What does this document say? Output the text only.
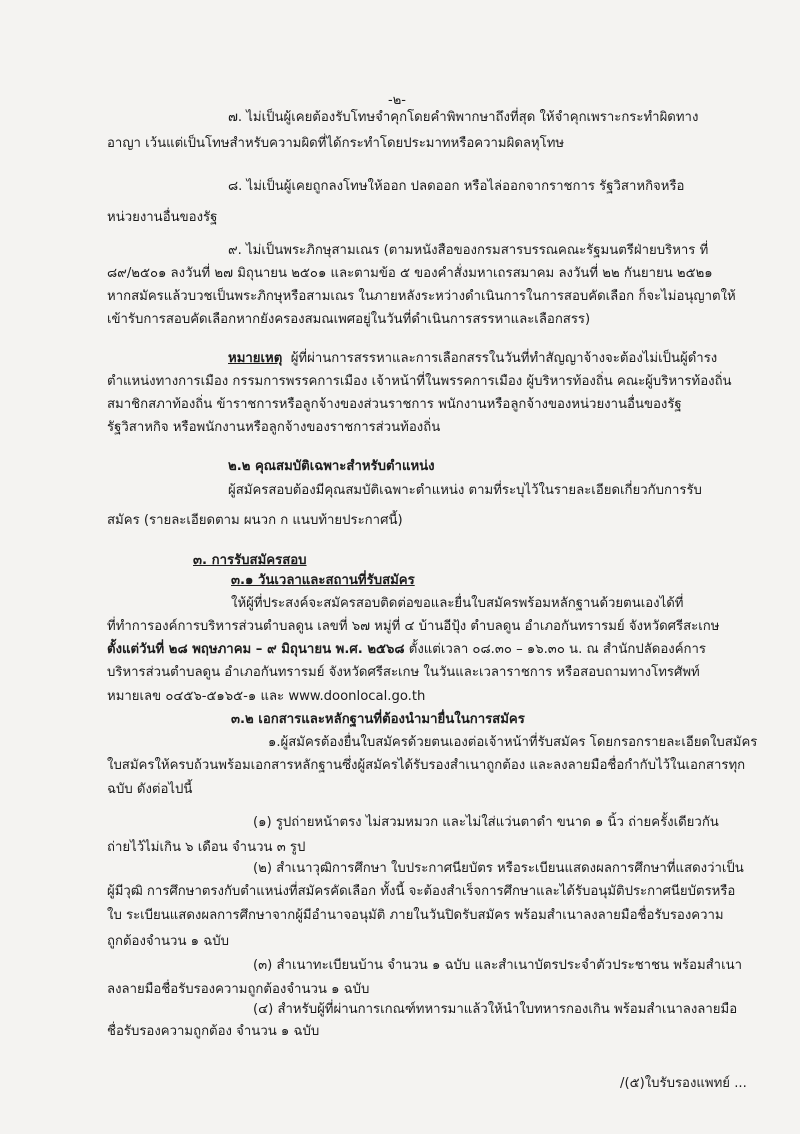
-๒-
๗. ไม่เป็นผู้เคยต้องรับโทษจำคุกโดยคำพิพากษาถึงที่สุด ให้จำคุกเพราะกระทำผิดทาง
อาญา เว้นแต่เป็นโทษสำหรับความผิดที่ได้กระทำโดยประมาทหรือความผิดลหุโทษ
๘. ไม่เป็นผู้เคยถูกลงโทษให้ออก ปลดออก หรือไล่ออกจากราชการ รัฐวิสาหกิจหรือ
หน่วยงานอื่นของรัฐ
๙. ไม่เป็นพระภิกษุสามเณร (ตามหนังสือของกรมสารบรรณคณะรัฐมนตรีฝ่ายบริหาร ที่
๘๙/๒๕๐๑ ลงวันที่ ๒๗ มิถุนายน ๒๕๐๑ และตามข้อ ๕ ของคำสั่งมหาเถรสมาคม ลงวันที่ ๒๒ กันยายน ๒๕๒๑
หากสมัครแล้วบวชเป็นพระภิกษุหรือสามเณร ในภายหลังระหว่างดำเนินการในการสอบคัดเลือก ก็จะไม่อนุญาตให้
เข้ารับการสอบคัดเลือกหากยังครองสมณเพศอยู่ในวันที่ดำเนินการสรรหาและเลือกสรร)
หมายเหตุ ผู้ที่ผ่านการสรรหาและการเลือกสรรในวันที่ทำสัญญาจ้างจะต้องไม่เป็นผู้ดำรง
ตำแหน่งทางการเมือง กรรมการพรรคการเมือง เจ้าหน้าที่ในพรรคการเมือง ผู้บริหารท้องถิ่น คณะผู้บริหารท้องถิ่น
สมาชิกสภาท้องถิ่น ข้าราชการหรือลูกจ้างของส่วนราชการ พนักงานหรือลูกจ้างของหน่วยงานอื่นของรัฐ
รัฐวิสาหกิจ หรือพนักงานหรือลูกจ้างของราชการส่วนท้องถิ่น
๒.๒ คุณสมบัติเฉพาะสำหรับตำแหน่ง
ผู้สมัครสอบต้องมีคุณสมบัติเฉพาะตำแหน่ง ตามที่ระบุไว้ในรายละเอียดเกี่ยวกับการรับ
สมัคร (รายละเอียดตาม ผนวก ก แนบท้ายประกาศนี้)
๓. การรับสมัครสอบ
๓.๑ วันเวลาและสถานที่รับสมัคร
ให้ผู้ที่ประสงค์จะสมัครสอบติดต่อขอและยื่นใบสมัครพร้อมหลักฐานด้วยตนเองได้ที่
ที่ทำการองค์การบริหารส่วนตำบลดูน เลขที่ ๖๗ หมู่ที่ ๔ บ้านอีปุ้ง ตำบลดูน อำเภอกันทรารมย์ จังหวัดศรีสะเกษ
ตั้งแต่วันที่ ๒๘ พฤษภาคม – ๙ มิถุนายน พ.ศ. ๒๕๖๘ ตั้งแต่เวลา ๐๘.๓๐ – ๑๖.๓๐ น. ณ สำนักปลัดองค์การ
บริหารส่วนตำบลดูน อำเภอกันทรารมย์ จังหวัดศรีสะเกษ ในวันและเวลาราชการ หรือสอบถามทางโทรศัพท์
หมายเลข ๐๔๕๖-๕๑๖๕-๑ และ www.doonlocal.go.th
๓.๒ เอกสารและหลักฐานที่ต้องนำมายื่นในการสมัคร
๑.ผู้สมัครต้องยื่นใบสมัครด้วยตนเองต่อเจ้าหน้าที่รับสมัคร โดยกรอกรายละเอียดใบสมัคร
ใบสมัครให้ครบถ้วนพร้อมเอกสารหลักฐานซึ่งผู้สมัครได้รับรองสำเนาถูกต้อง และลงลายมือชื่อกำกับไว้ในเอกสารทุก
ฉบับ ดังต่อไปนี้
(๑) รูปถ่ายหน้าตรง ไม่สวมหมวก และไม่ใส่แว่นตาดำ ขนาด ๑ นิ้ว ถ่ายครั้งเดียวกัน
ถ่ายไว้ไม่เกิน ๖ เดือน จำนวน ๓ รูป
(๒) สำเนาวุฒิการศึกษา ใบประกาศนียบัตร หรือระเบียนแสดงผลการศึกษาที่แสดงว่าเป็น
ผู้มีวุฒิ การศึกษาตรงกับตำแหน่งที่สมัครคัดเลือก ทั้งนี้ จะต้องสำเร็จการศึกษาและได้รับอนุมัติประกาศนียบัตรหรือ
ใบ ระเบียนแสดงผลการศึกษาจากผู้มีอำนาจอนุมัติ ภายในวันปิดรับสมัคร พร้อมสำเนาลงลายมือชื่อรับรองความ
ถูกต้องจำนวน ๑ ฉบับ
(๓) สำเนาทะเบียนบ้าน จำนวน ๑ ฉบับ และสำเนาบัตรประจำตัวประชาชน พร้อมสำเนา
ลงลายมือชื่อรับรองความถูกต้องจำนวน ๑ ฉบับ
(๔) สำหรับผู้ที่ผ่านการเกณฑ์ทหารมาแล้วให้นำใบทหารกองเกิน พร้อมสำเนาลงลายมือ
ชื่อรับรองความถูกต้อง จำนวน ๑ ฉบับ
/(๕)ใบรับรองแพทย์ ...
